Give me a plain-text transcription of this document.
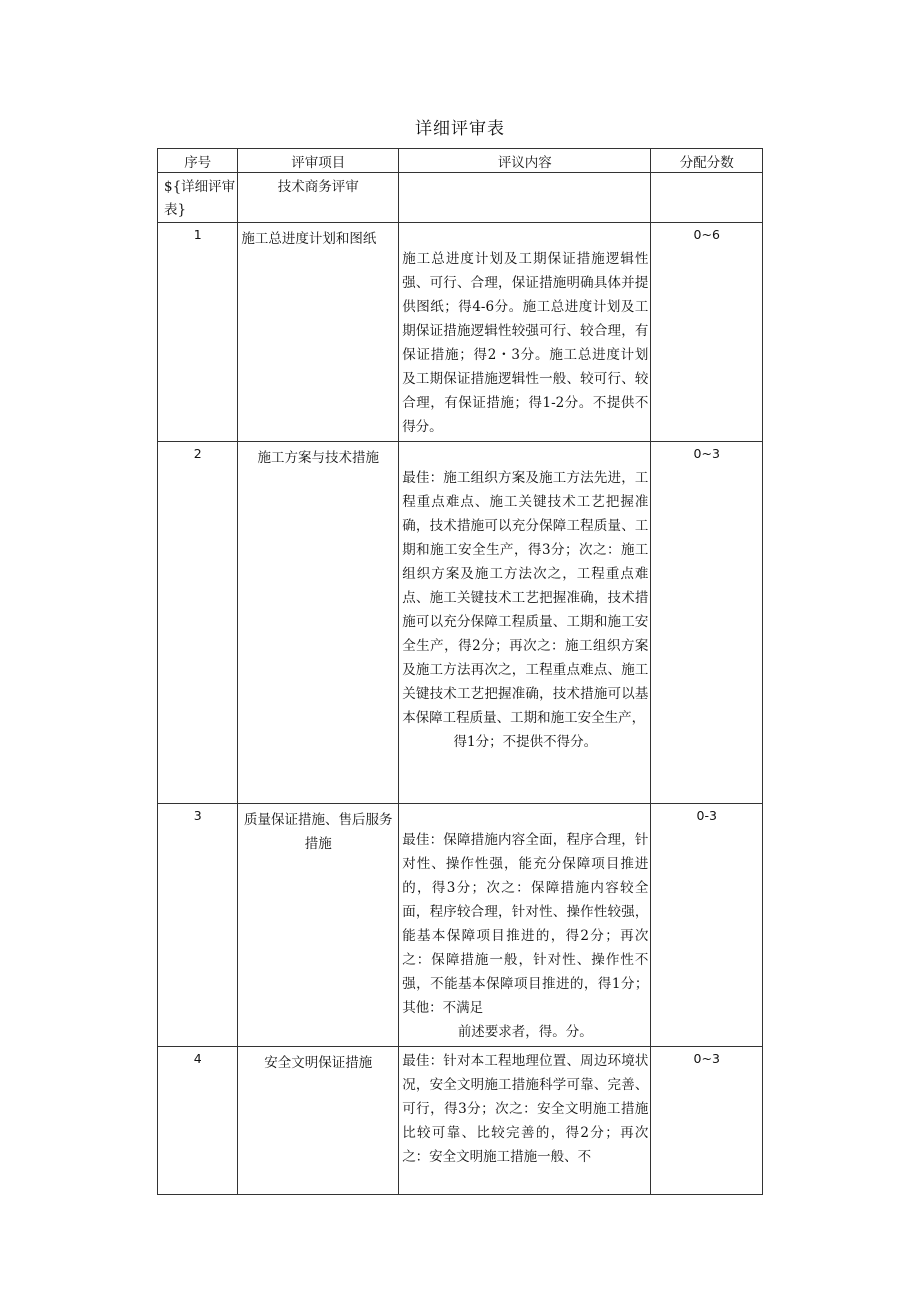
详细评审表
序号	评审项目	评议内容	分配分数
${详细评审表}	技术商务评审		
1	施工总进度计划和图纸	施工总进度计划及工期保证措施逻辑性强、可行、合理，保证措施明确具体并提供图纸；得4-6分。施工总进度计划及工期保证措施逻辑性较强可行、较合理，有保证措施；得2・3分。施工总进度计划及工期保证措施逻辑性一般、较可行、较合理，有保证措施；得1-2分。不提供不得分。	0~6
2	施工方案与技术措施	最佳：施工组织方案及施工方法先进，工程重点难点、施工关键技术工艺把握准确，技术措施可以充分保障工程质量、工期和施工安全生产，得3分；次之：施工组织方案及施工方法次之，工程重点难点、施工关键技术工艺把握准确，技术措施可以充分保障工程质量、工期和施工安全生产，得2分；再次之：施工组织方案及施工方法再次之，工程重点难点、施工关键技术工艺把握准确，技术措施可以基本保障工程质量、工期和施工安全生产，
得1分；不提供不得分。	0~3
3	质量保证措施、售后服务措施	最佳：保障措施内容全面，程序合理，针对性、操作性强，能充分保障项目推进的，得3分；次之：保障措施内容较全面，程序较合理，针对性、操作性较强，能基本保障项目推进的，得2分；再次之：保障措施一般，针对性、操作性不强，不能基本保障项目推进的，得1分；其他：不满足
前述要求者，得。分。	0-3
4	安全文明保证措施	最佳：针对本工程地理位置、周边环境状况，安全文明施工措施科学可靠、完善、可行，得3分；次之：安全文明施工措施比较可靠、比较完善的，得2分；再次之：安全文明施工措施一般、不	0~3
